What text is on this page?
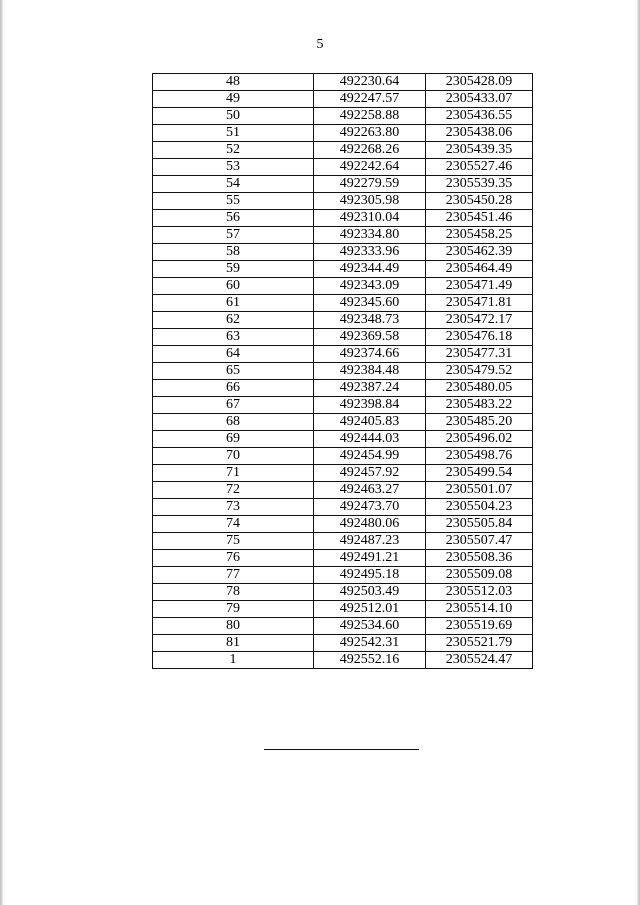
5
48	492230.64	2305428.09
49	492247.57	2305433.07
50	492258.88	2305436.55
51	492263.80	2305438.06
52	492268.26	2305439.35
53	492242.64	2305527.46
54	492279.59	2305539.35
55	492305.98	2305450.28
56	492310.04	2305451.46
57	492334.80	2305458.25
58	492333.96	2305462.39
59	492344.49	2305464.49
60	492343.09	2305471.49
61	492345.60	2305471.81
62	492348.73	2305472.17
63	492369.58	2305476.18
64	492374.66	2305477.31
65	492384.48	2305479.52
66	492387.24	2305480.05
67	492398.84	2305483.22
68	492405.83	2305485.20
69	492444.03	2305496.02
70	492454.99	2305498.76
71	492457.92	2305499.54
72	492463.27	2305501.07
73	492473.70	2305504.23
74	492480.06	2305505.84
75	492487.23	2305507.47
76	492491.21	2305508.36
77	492495.18	2305509.08
78	492503.49	2305512.03
79	492512.01	2305514.10
80	492534.60	2305519.69
81	492542.31	2305521.79
1	492552.16	2305524.47
